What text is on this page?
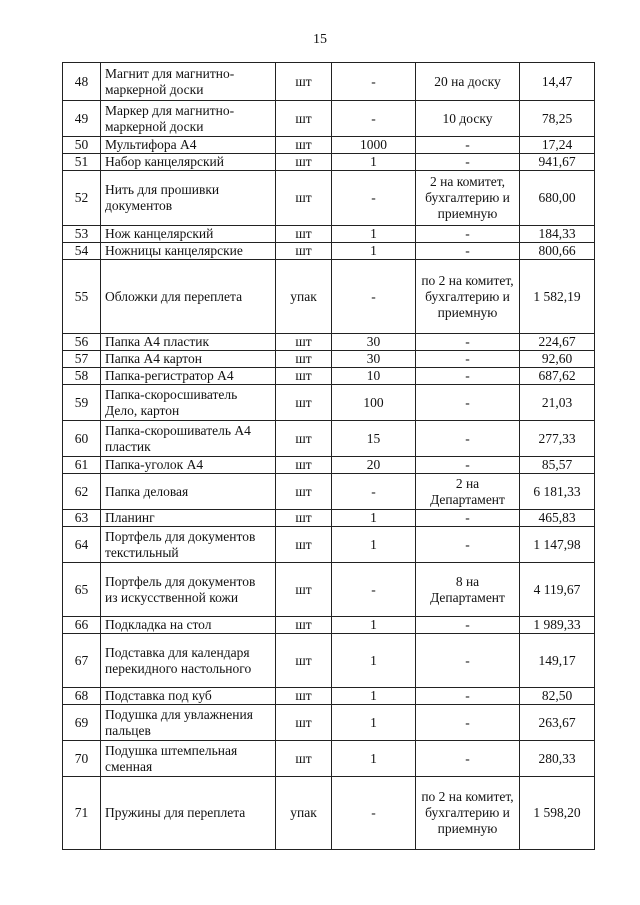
15
48	Магнит для магнитно-маркерной доски	шт	-	20 на доску	14,47
49	Маркер для магнитно-маркерной доски	шт	-	10 доску	78,25
50	Мультифора А4	шт	1000	-	17,24
51	Набор канцелярский	шт	1	-	941,67
52	Нить для прошивки документов	шт	-	2 на комитет, бухгалтерию и приемную	680,00
53	Нож канцелярский	шт	1	-	184,33
54	Ножницы канцелярские	шт	1	-	800,66
55	Обложки для переплета	упак	-	по 2 на комитет, бухгалтерию и приемную	1 582,19
56	Папка А4 пластик	шт	30	-	224,67
57	Папка А4 картон	шт	30	-	92,60
58	Папка-регистратор А4	шт	10	-	687,62
59	Папка-скоросшиватель Дело, картон	шт	100	-	21,03
60	Папка-скорошиватель А4 пластик	шт	15	-	277,33
61	Папка-уголок А4	шт	20	-	85,57
62	Папка деловая	шт	-	2 на Департамент	6 181,33
63	Планинг	шт	1	-	465,83
64	Портфель для документов текстильный	шт	1	-	1 147,98
65	Портфель для документов из искусственной кожи	шт	-	8 на Департамент	4 119,67
66	Подкладка на стол	шт	1	-	1 989,33
67	Подставка для календаря перекидного настольного	шт	1	-	149,17
68	Подставка под куб	шт	1	-	82,50
69	Подушка для увлажнения пальцев	шт	1	-	263,67
70	Подушка штемпельная сменная	шт	1	-	280,33
71	Пружины для переплета	упак	-	по 2 на комитет, бухгалтерию и приемную	1 598,20
